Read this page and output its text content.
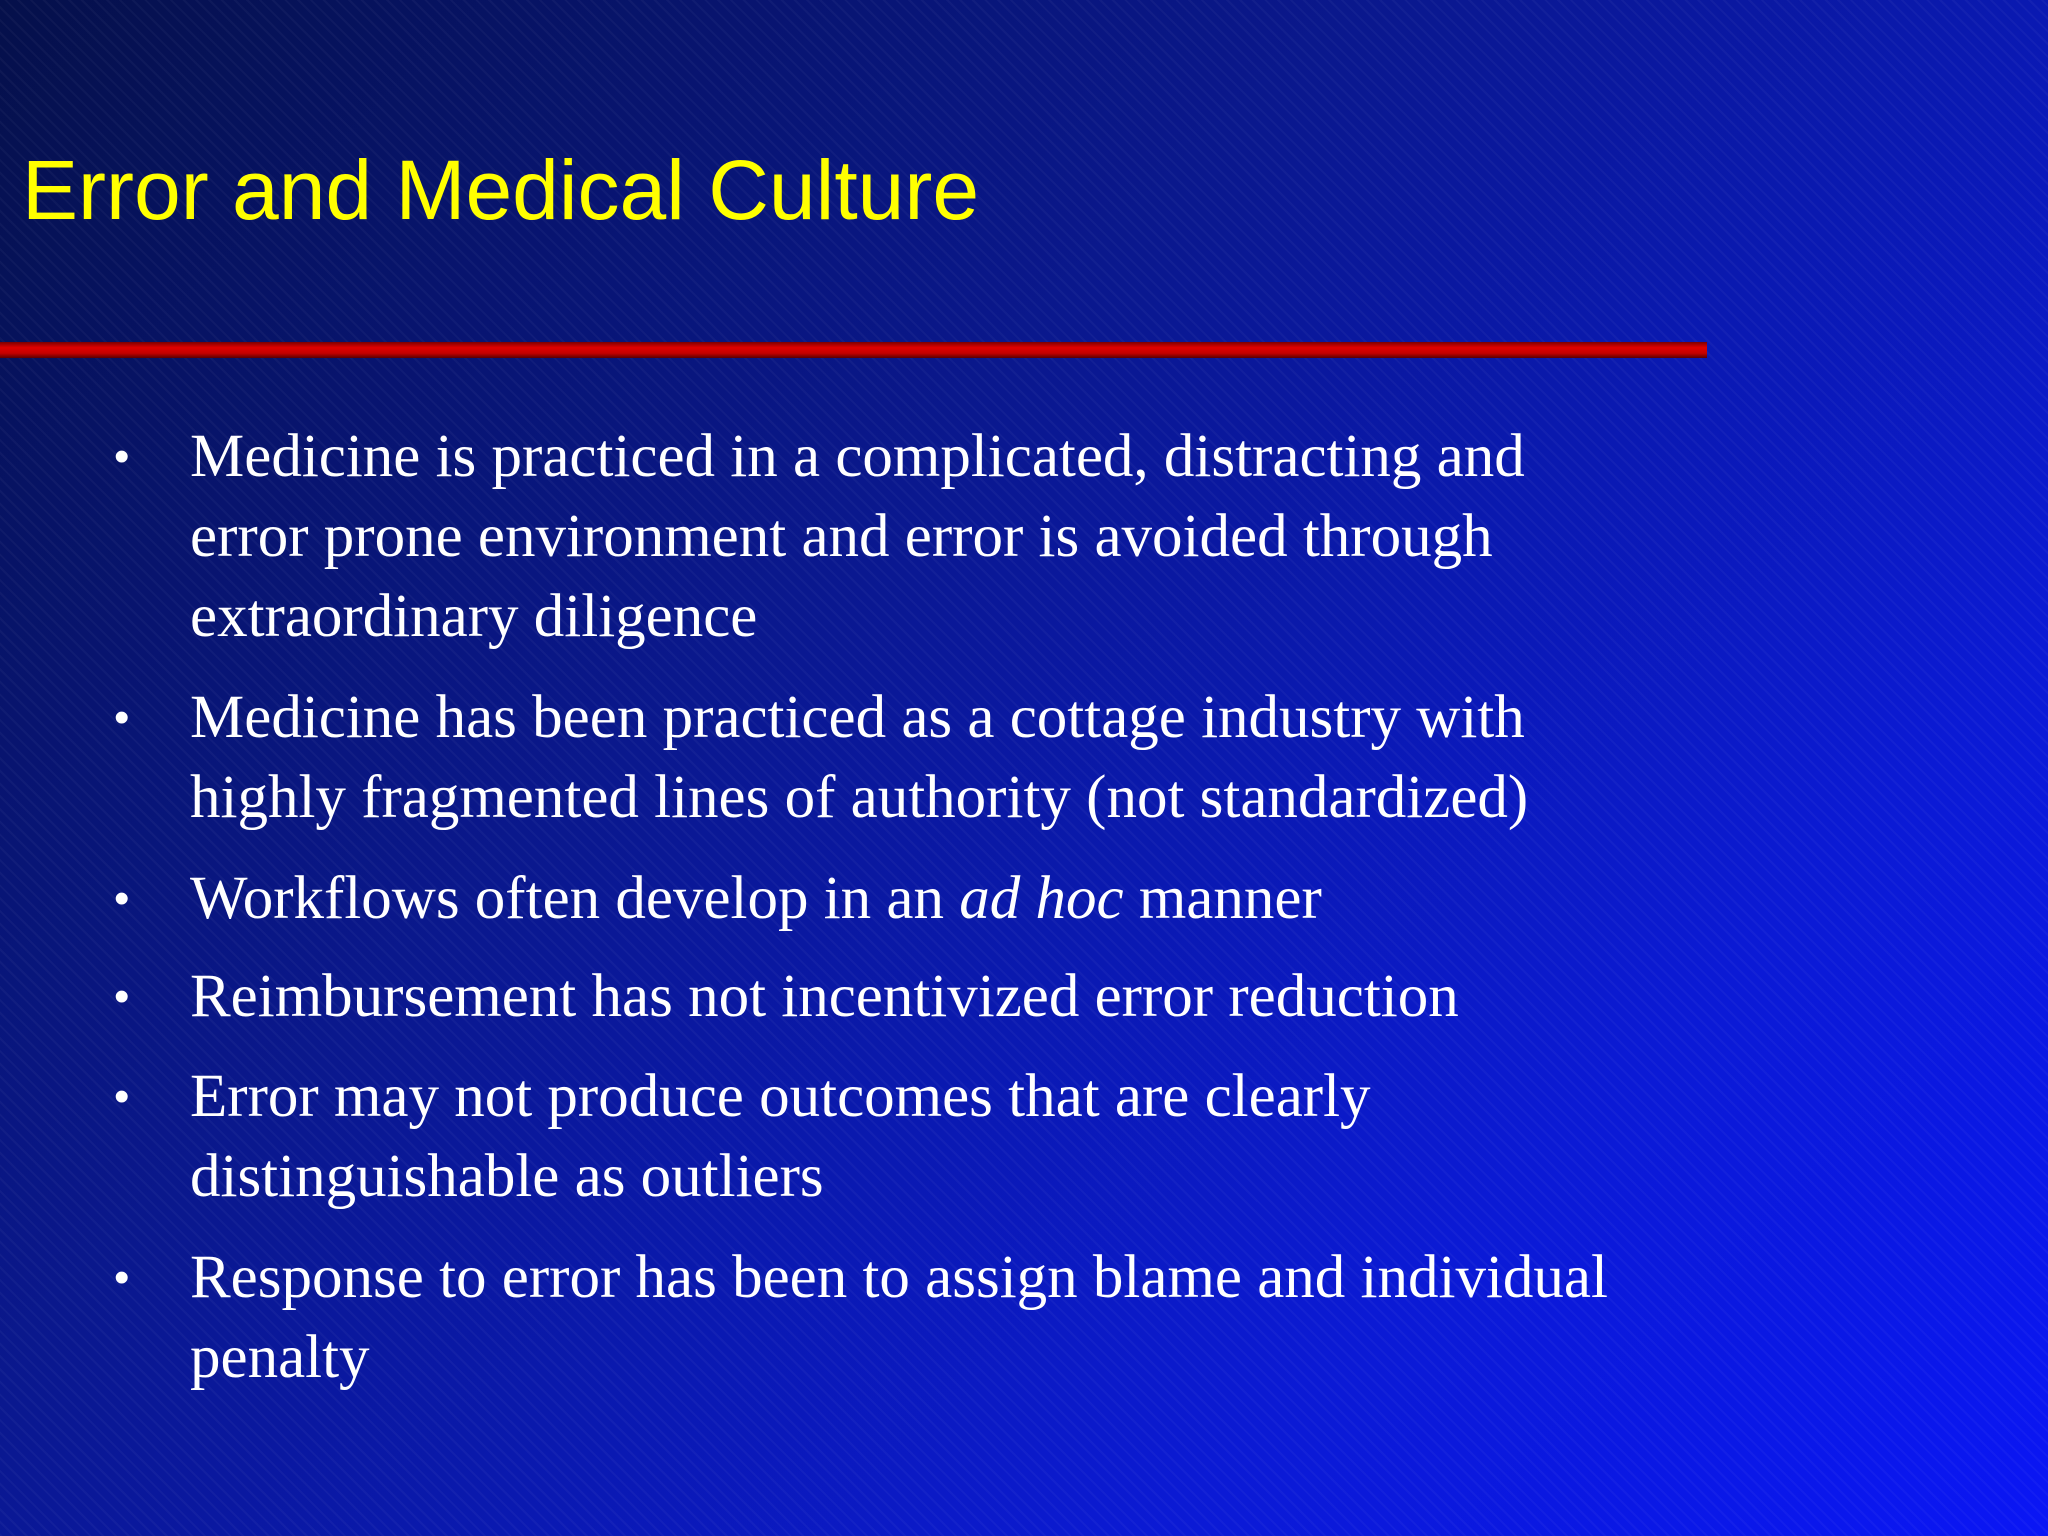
Error and Medical Culture
• Medicine is practiced in a complicated, distracting and
error prone environment and error is avoided through
extraordinary diligence
• Medicine has been practiced as a cottage industry with
highly fragmented lines of authority (not standardized)
• Workflows often develop in an ad hoc manner
• Reimbursement has not incentivized error reduction
• Error may not produce outcomes that are clearly
distinguishable as outliers
• Response to error has been to assign blame and individual
penalty
